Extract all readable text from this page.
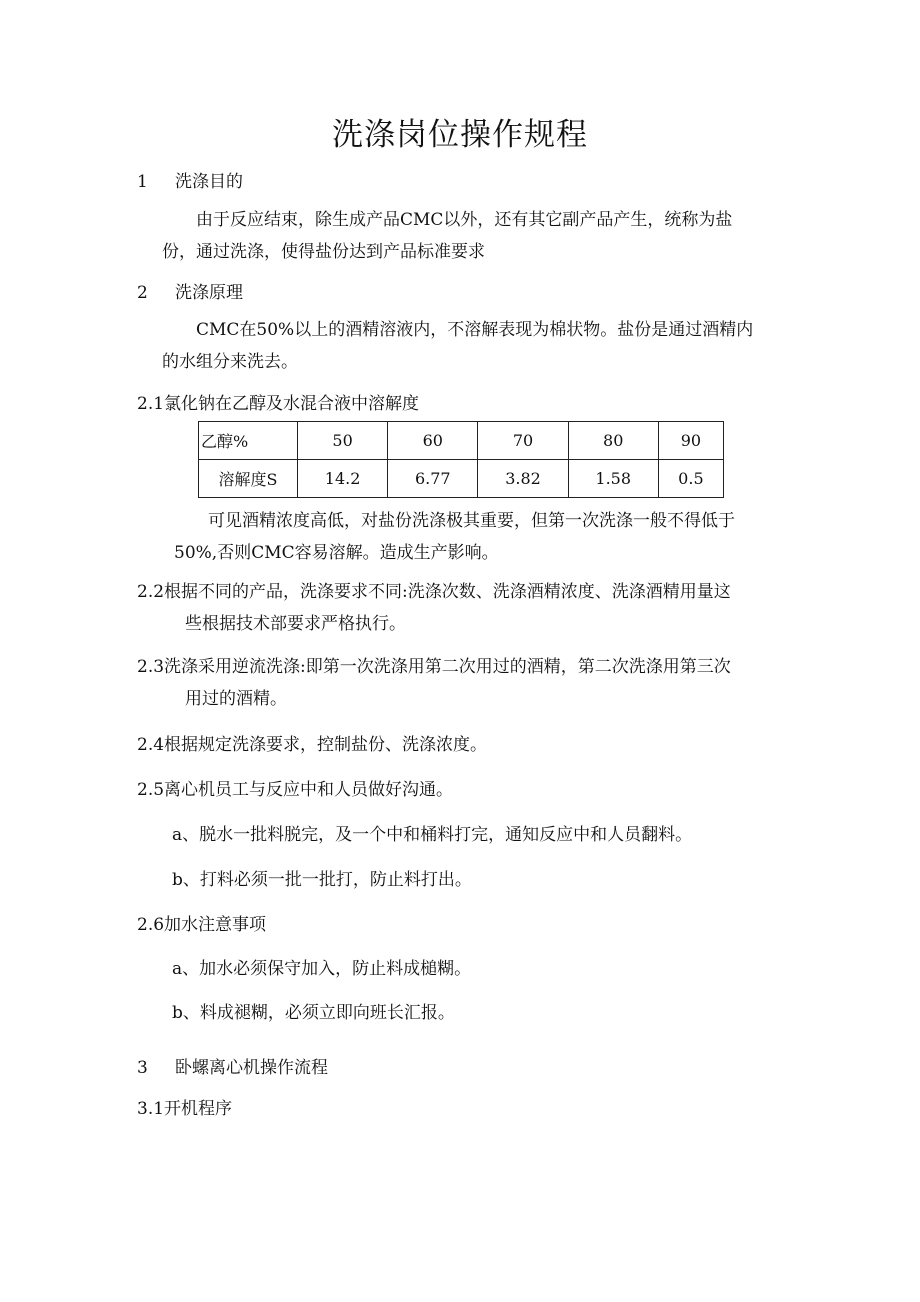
洗涤岗位操作规程
1 洗涤目的
由于反应结束，除生成产品CMC以外，还有其它副产品产生，统称为盐
份，通过洗涤，使得盐份达到产品标准要求
2 洗涤原理
CMC在50%以上的酒精溶液内，不溶解表现为棉状物。盐份是通过酒精内
的水组分来洗去。
2.1氯化钠在乙醇及水混合液中溶解度
乙醇%	50	60	70	80	90
溶解度S	14.2	6.77	3.82	1.58	0.5
可见酒精浓度高低，对盐份洗涤极其重要，但第一次洗涤一般不得低于
50%,否则CMC容易溶解。造成生产影响。
2.2根据不同的产品，洗涤要求不同:洗涤次数、洗涤酒精浓度、洗涤酒精用量这
些根据技术部要求严格执行。
2.3洗涤采用逆流洗涤:即第一次洗涤用第二次用过的酒精，第二次洗涤用第三次
用过的酒精。
2.4根据规定洗涤要求，控制盐份、洗涤浓度。
2.5离心机员工与反应中和人员做好沟通。
a、脱水一批料脱完，及一个中和桶料打完，通知反应中和人员翻料。
b、打料必须一批一批打，防止料打出。
2.6加水注意事项
a、加水必须保守加入，防止料成槌糊。
b、料成褪糊，必须立即向班长汇报。
3 卧螺离心机操作流程
3.1开机程序
